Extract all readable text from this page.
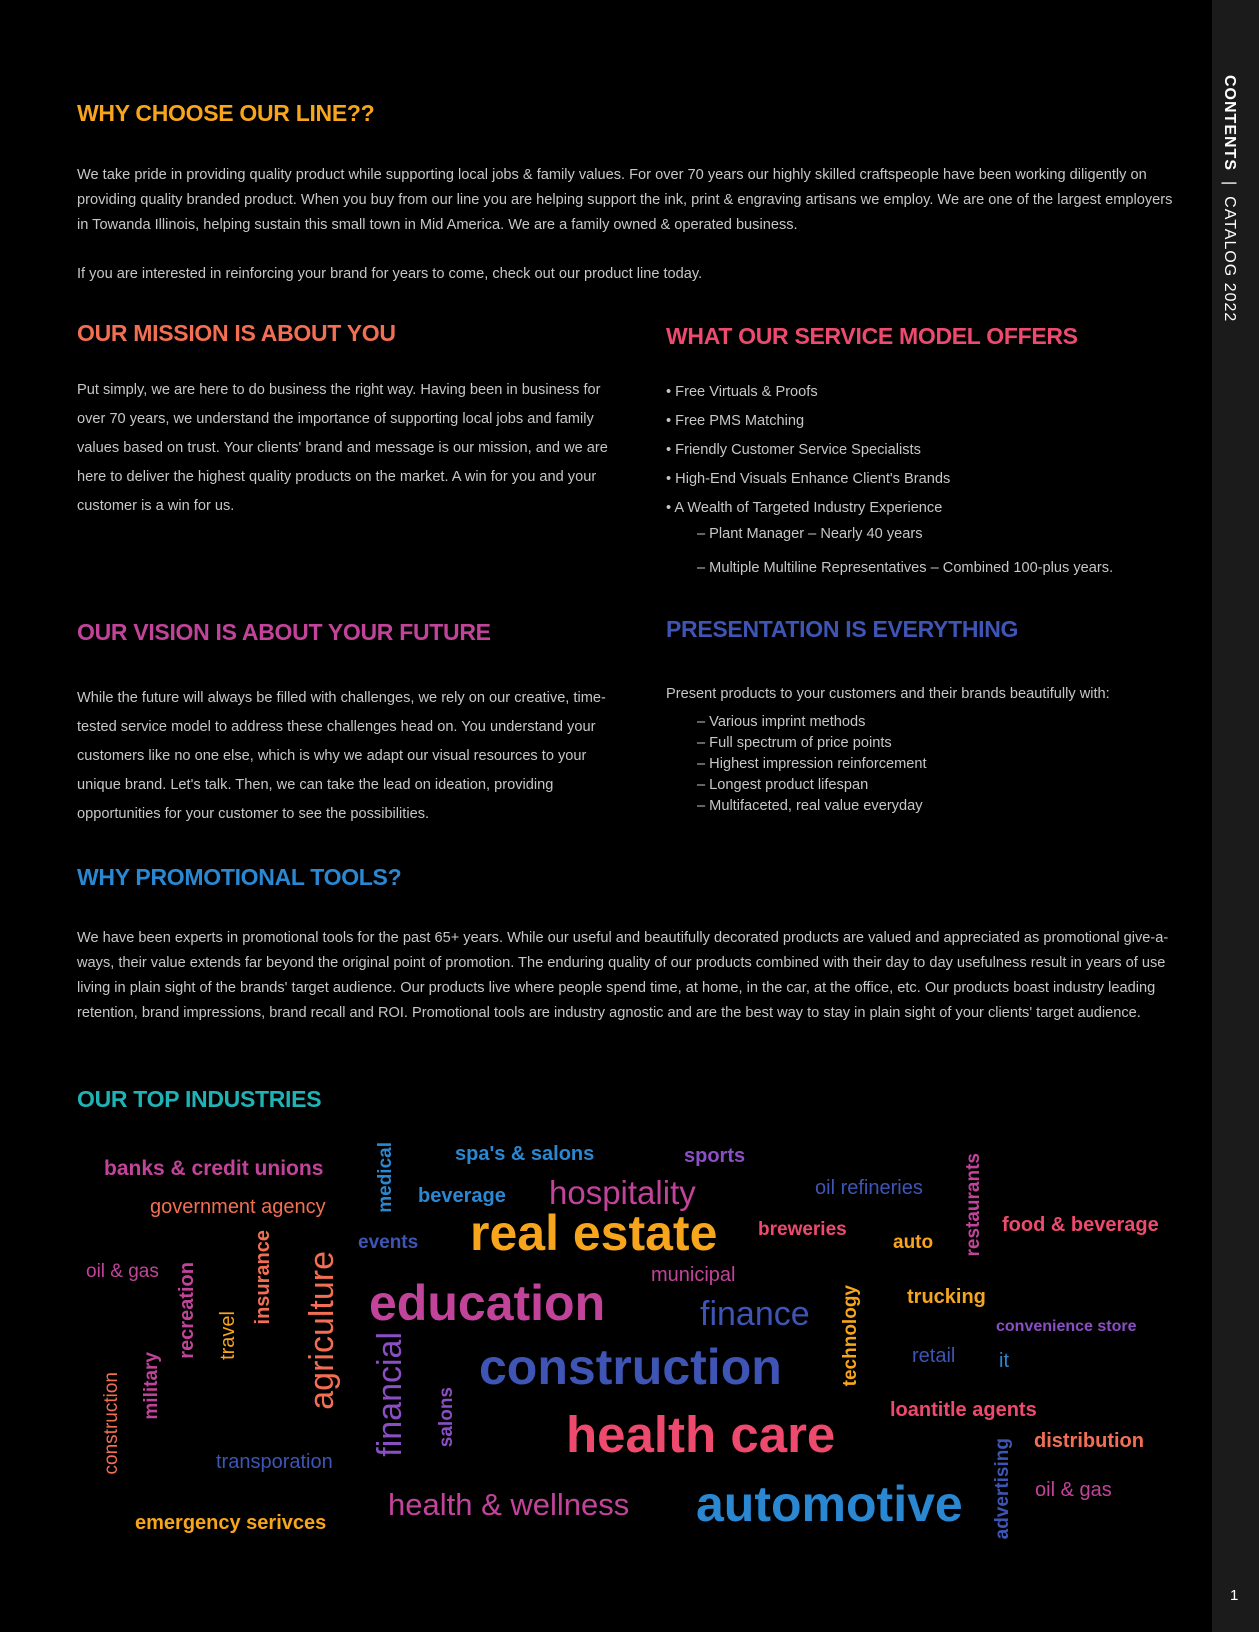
WHY CHOOSE OUR LINE??

We take pride in providing quality product while supporting local jobs & family values. For over 70 years our highly skilled craftspeople have been working diligently on providing quality branded product. When you buy from our line you are helping support the ink, print & engraving artisans we employ. We are one of the largest employers in Towanda Illinois, helping sustain this small town in Mid America. We are a family owned & operated business.

If you are interested in reinforcing your brand for years to come, check out our product line today.

OUR MISSION IS ABOUT YOU

Put simply, we are here to do business the right way. Having been in business for over 70 years, we understand the importance of supporting local jobs and family values based on trust. Your clients' brand and message is our mission, and we are here to deliver the highest quality products on the market. A win for you and your customer is a win for us.

WHAT OUR SERVICE MODEL OFFERS
• Free Virtuals & Proofs
• Free PMS Matching
• Friendly Customer Service Specialists
• High-End Visuals Enhance Client's Brands
• A Wealth of Targeted Industry Experience
– Plant Manager – Nearly 40 years
– Multiple Multiline Representatives – Combined 100-plus years.
OUR VISION IS ABOUT YOUR FUTURE

While the future will always be filled with challenges, we rely on our creative, time-tested service model to address these challenges head on. You understand your customers like no one else, which is why we adapt our visual resources to your unique brand. Let's talk. Then, we can take the lead on ideation, providing opportunities for your customer to see the possibilities.

PRESENTATION IS EVERYTHING
Present products to your customers and their brands beautifully with:
– Various imprint methods
– Full spectrum of price points
– Highest impression reinforcement
– Longest product lifespan
– Multifaceted, real value everyday
WHY PROMOTIONAL TOOLS?

We have been experts in promotional tools for the past 65+ years. While our useful and beautifully decorated products are valued and appreciated as promotional give-a-ways, their value extends far beyond the original point of promotion. The enduring quality of our products combined with their day to day usefulness result in years of use living in plain sight of the brands' target audience. Our products live where people spend time, at home, in the car, at the office, etc. Our products boast industry leading retention, brand impressions, brand recall and ROI. Promotional tools are industry agnostic and are the best way to stay in plain sight of your clients' target audience.

OUR TOP INDUSTRIES
banks & credit unions
government agency
oil & gas
medical	spa's & salons	sports
beverage hospitality	oil refineries restaurants food & beverage
events real estate breweries
auto
municipal
recreation	insurance
travel agriculture education	finance technology trucking
convenience store
retail it
military
construction	financial salons
construction
loantitle agents
health care	distribution
transporation	advertising oil & gas
health & wellness automotive
emergency serivces
CONTENTS|CATALOG 2022
1
